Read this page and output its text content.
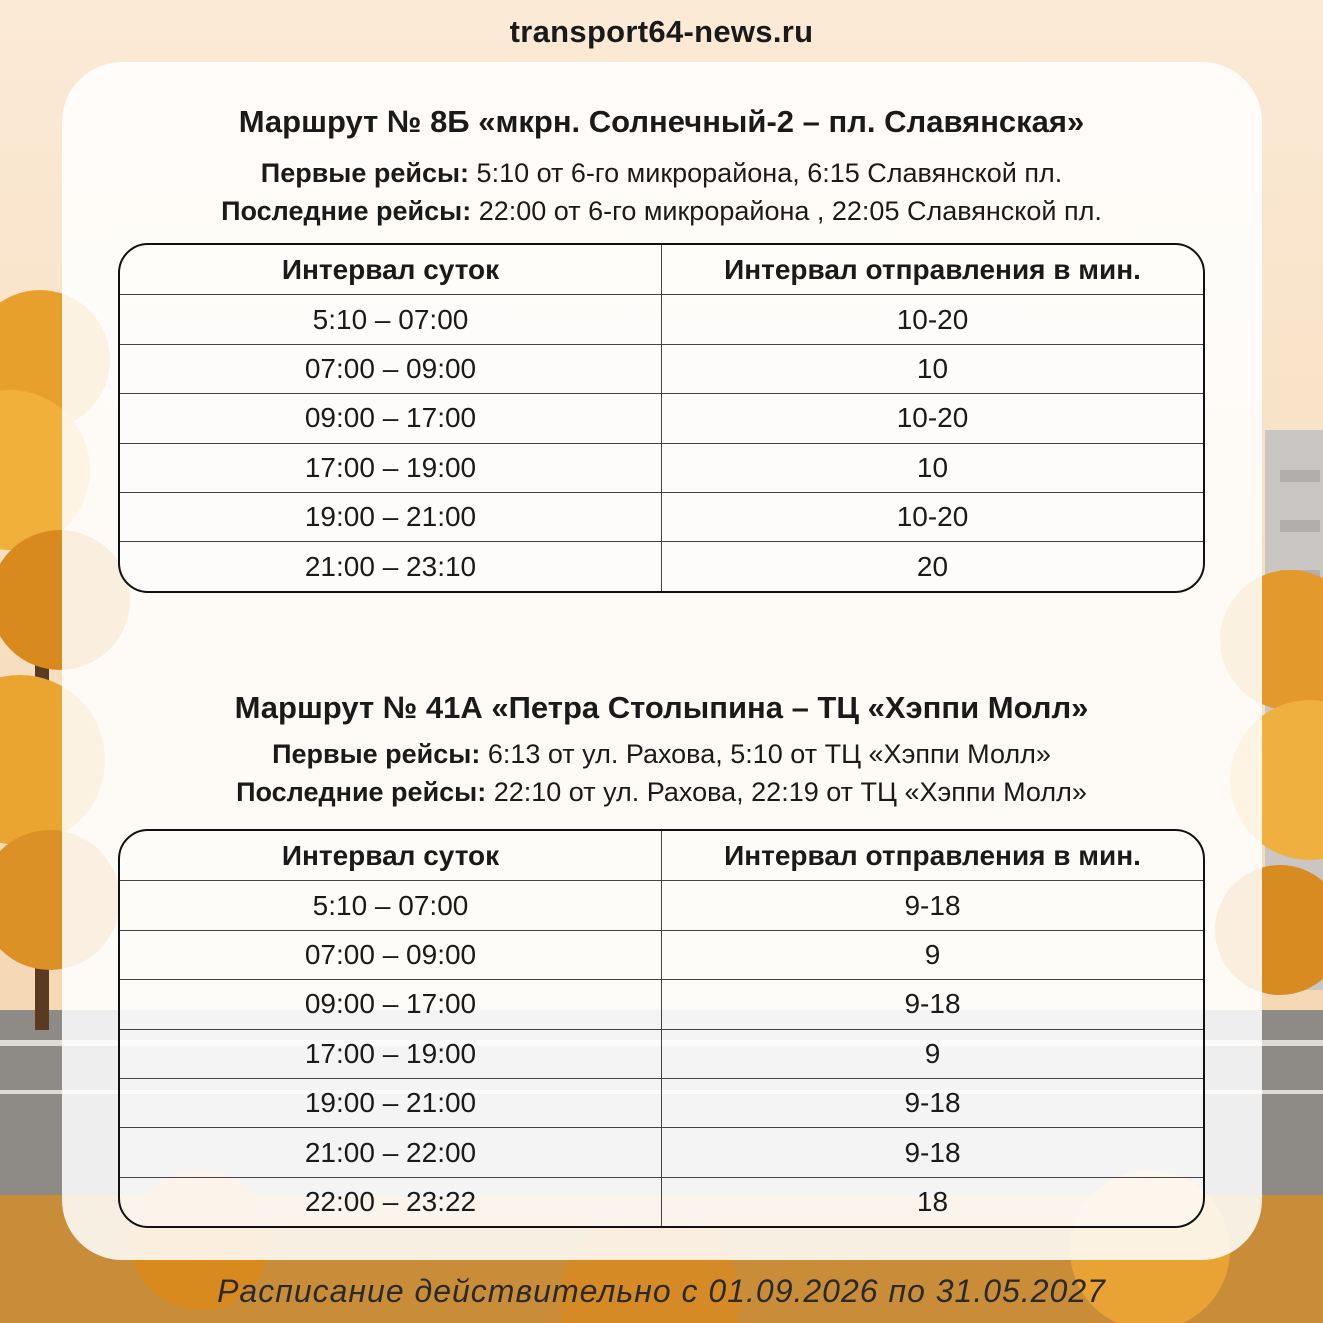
transport64-news.ru
Маршрут № 8Б «мкрн. Солнечный-2 – пл. Славянская»
Первые рейсы: 5:10 от 6-го микрорайона, 6:15 Славянской пл.
Последние рейсы: 22:00 от 6-го микрорайона , 22:05 Славянской пл.
Интервал суток	Интервал отправления в мин.
5:10 – 07:00	10-20
07:00 – 09:00	10
09:00 – 17:00	10-20
17:00 – 19:00	10
19:00 – 21:00	10-20
21:00 – 23:10	20
Маршрут № 41А «Петра Столыпина – ТЦ «Хэппи Молл»
Первые рейсы: 6:13 от ул. Рахова, 5:10 от ТЦ «Хэппи Молл»
Последние рейсы: 22:10 от ул. Рахова, 22:19 от ТЦ «Хэппи Молл»
Интервал суток	Интервал отправления в мин.
5:10 – 07:00	9-18
07:00 – 09:00	9
09:00 – 17:00	9-18
17:00 – 19:00	9
19:00 – 21:00	9-18
21:00 – 22:00	9-18
22:00 – 23:22	18
Расписание действительно с 01.09.2026 по 31.05.2027
